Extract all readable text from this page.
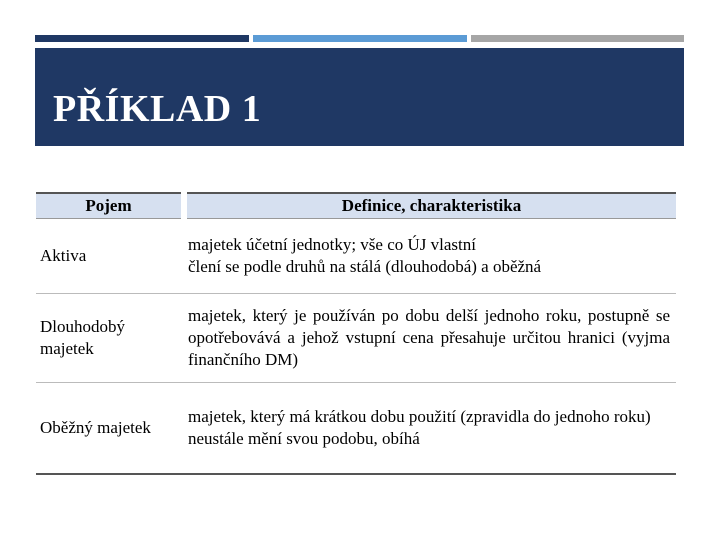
PŘÍKLAD 1
Pojem	Definice, charakteristika
Aktiva	majetek účetní jednotky; vše co ÚJ vlastní
člení se podle druhů na stálá (dlouhodobá) a oběžná

Dlouhodobý majetek	majetek, který je používán po dobu delší jednoho roku, postupně se opotřebovává a jehož vstupní cena přesahuje určitou hranici (vyjma finančního DM)
Oběžný majetek	majetek, který má krátkou dobu použití (zpravidla do jednoho roku)
neustále mění svou podobu, obíhá
